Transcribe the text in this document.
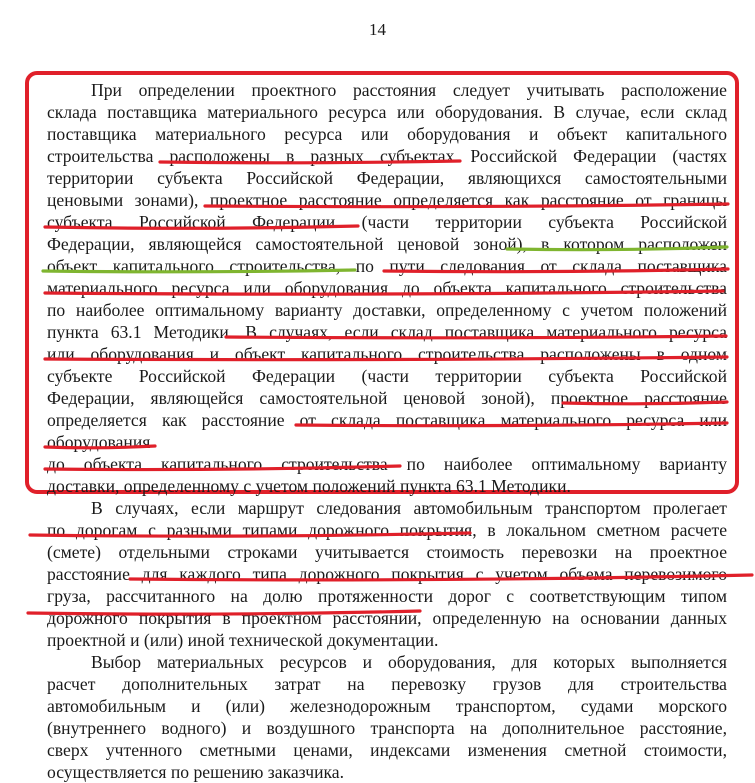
14
При определении проектного расстояния следует учитывать расположение
склада поставщика материального ресурса или оборудования. В случае, если склад
поставщика материального ресурса или оборудования и объект капитального
строительства расположены в разных субъектах Российской Федерации (частях
территории субъекта Российской Федерации, являющихся самостоятельными
ценовыми зонами), проектное расстояние определяется как расстояние от границы
субъекта Российской Федерации (части территории субъекта Российской
Федерации, являющейся самостоятельной ценовой зоной), в котором расположен
объект капитального строительства, по пути следования от склада поставщика
материального ресурса или оборудования до объекта капитального строительства
по наиболее оптимальному варианту доставки, определенному с учетом положений
пункта 63.1 Методики. В случаях, если склад поставщика материального ресурса
или оборудования и объект капитального строительства расположены в одном
субъекте Российской Федерации (части территории субъекта Российской
Федерации, являющейся самостоятельной ценовой зоной), проектное расстояние
определяется как расстояние от склада поставщика материального ресурса или
оборудования
до объекта капитального строительства по наиболее оптимальному варианту
доставки, определенному с учетом положений пункта 63.1 Методики.
В случаях, если маршрут следования автомобильным транспортом пролегает
по дорогам с разными типами дорожного покрытия, в локальном сметном расчете
(смете) отдельными строками учитывается стоимость перевозки на проектное
расстояние для каждого типа дорожного покрытия с учетом объема перевозимого
груза, рассчитанного на долю протяженности дорог с соответствующим типом
дорожного покрытия в проектном расстоянии, определенную на основании данных
проектной и (или) иной технической документации.
Выбор материальных ресурсов и оборудования, для которых выполняется
расчет дополнительных затрат на перевозку грузов для строительства
автомобильным и (или) железнодорожным транспортом, судами морского
(внутреннего водного) и воздушного транспорта на дополнительное расстояние,
сверх учтенного сметными ценами, индексами изменения сметной стоимости,
осуществляется по решению заказчика.
